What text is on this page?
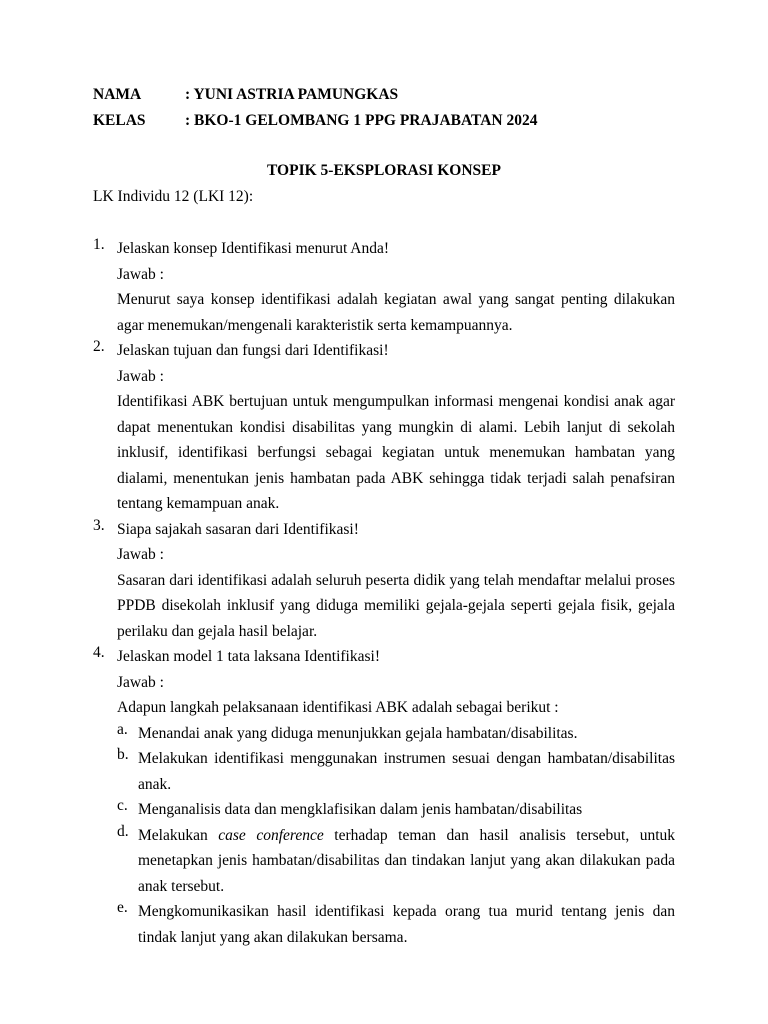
NAMA	: YUNI ASTRIA PAMUNGKAS
KELAS	: BKO-1 GELOMBANG 1 PPG PRAJABATAN 2024
TOPIK 5-EKSPLORASI KONSEP
LK Individu 12 (LKI 12):
1. Jelaskan konsep Identifikasi menurut Anda!
Jawab :
Menurut saya konsep identifikasi adalah kegiatan awal yang sangat penting dilakukan agar menemukan/mengenali karakteristik serta kemampuannya.
2. Jelaskan tujuan dan fungsi dari Identifikasi!
Jawab :
Identifikasi ABK bertujuan untuk mengumpulkan informasi mengenai kondisi anak agar dapat menentukan kondisi disabilitas yang mungkin di alami. Lebih lanjut di sekolah inklusif, identifikasi berfungsi sebagai kegiatan untuk menemukan hambatan yang dialami, menentukan jenis hambatan pada ABK sehingga tidak terjadi salah penafsiran tentang kemampuan anak.
3. Siapa sajakah sasaran dari Identifikasi!
Jawab :
Sasaran dari identifikasi adalah seluruh peserta didik yang telah mendaftar melalui proses PPDB disekolah inklusif yang diduga memiliki gejala-gejala seperti gejala fisik, gejala perilaku dan gejala hasil belajar.
4. Jelaskan model 1 tata laksana Identifikasi!
Jawab :
Adapun langkah pelaksanaan identifikasi ABK adalah sebagai berikut :
a. Menandai anak yang diduga menunjukkan gejala hambatan/disabilitas.
b. Melakukan identifikasi menggunakan instrumen sesuai dengan hambatan/disabilitas anak.
c. Menganalisis data dan mengklafisikan dalam jenis hambatan/disabilitas
d. Melakukan case conference terhadap teman dan hasil analisis tersebut, untuk menetapkan jenis hambatan/disabilitas dan tindakan lanjut yang akan dilakukan pada anak tersebut.
e. Mengkomunikasikan hasil identifikasi kepada orang tua murid tentang jenis dan tindak lanjut yang akan dilakukan bersama.
